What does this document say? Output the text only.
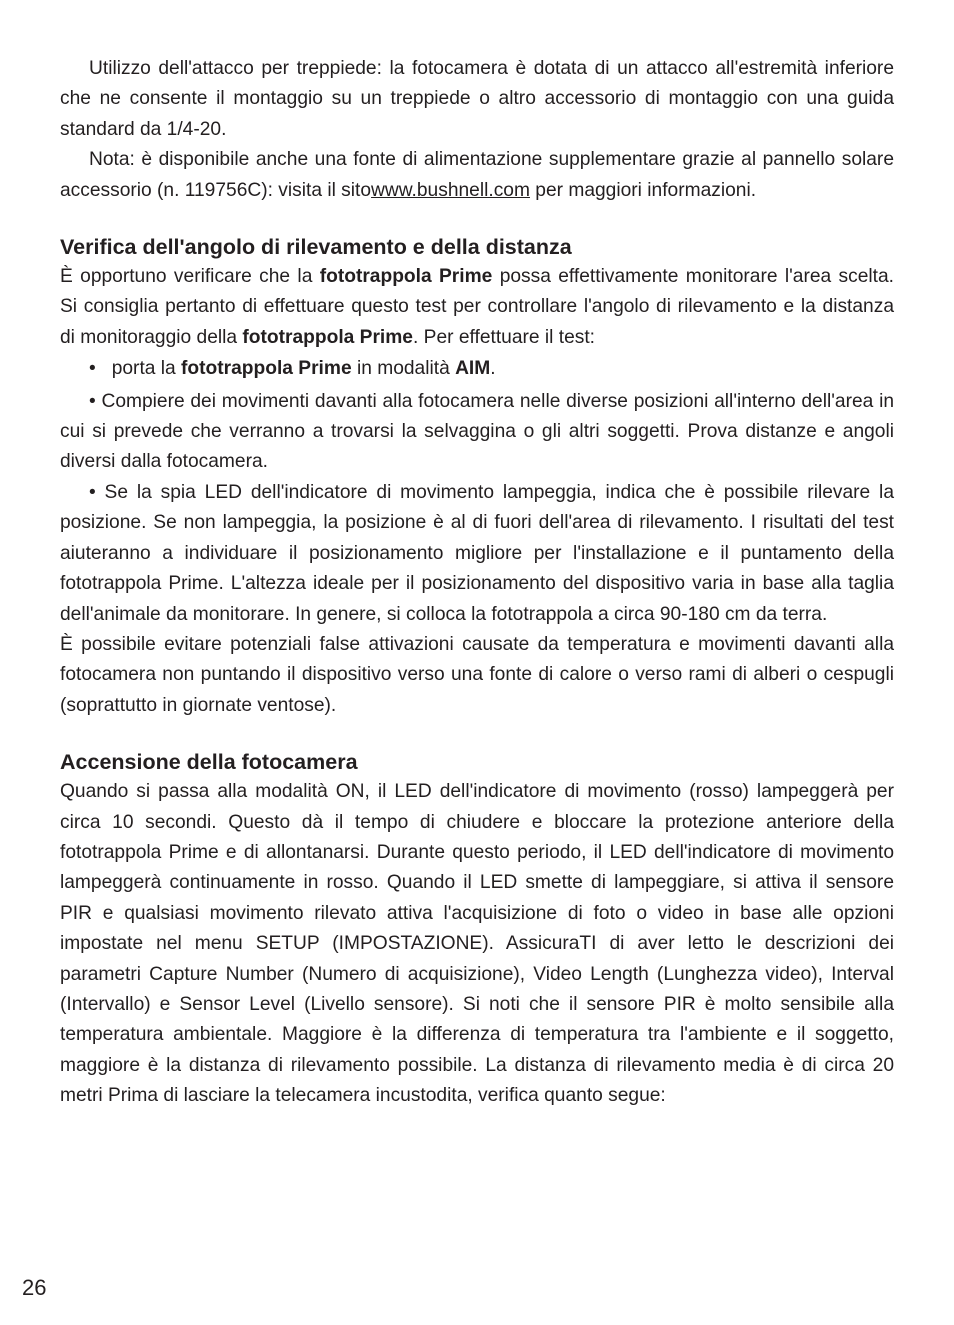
Utilizzo dell'attacco per treppiede: la fotocamera è dotata di un attacco all'estremità inferiore che ne consente il montaggio su un treppiede o altro accessorio di montaggio con una guida standard da 1/4-20.

Nota: è disponibile anche una fonte di alimentazione supplementare grazie al pannello solare accessorio (n. 119756C): visita il sitowww.bushnell.com per maggiori informazioni.

Verifica dell'angolo di rilevamento e della distanza

È opportuno verificare che la fototrappola Prime possa effettivamente monitorare l'area scelta. Si consiglia pertanto di effettuare questo test per controllare l'angolo di rilevamento e la distanza di monitoraggio della fototrappola Prime. Per effettuare il test:

•   porta la fototrappola Prime in modalità AIM.

• Compiere dei movimenti davanti alla fotocamera nelle diverse posizioni all'interno dell'area in cui si prevede che verranno a trovarsi la selvaggina o gli altri soggetti. Prova distanze e angoli diversi dalla fotocamera.

• Se la spia LED dell'indicatore di movimento lampeggia, indica che è possibile rilevare la posizione. Se non lampeggia, la posizione è al di fuori dell'area di rilevamento. I risultati del test aiuteranno a individuare il posizionamento migliore per l'installazione e il puntamento della fototrappola Prime. L'altezza ideale per il posizionamento del dispositivo varia in base alla taglia dell'animale da monitorare. In genere, si colloca la fototrappola a circa 90-180 cm da terra.

È possibile evitare potenziali false attivazioni causate da temperatura e movimenti davanti alla fotocamera non puntando il dispositivo verso una fonte di calore o verso rami di alberi o cespugli (soprattutto in giornate ventose).

Accensione della fotocamera

Quando si passa alla modalità ON, il LED dell'indicatore di movimento (rosso) lampeggerà per circa 10 secondi. Questo dà il tempo di chiudere e bloccare la protezione anteriore della fototrappola Prime e di allontanarsi. Durante questo periodo, il LED dell'indicatore di movimento lampeggerà continuamente in rosso. Quando il LED smette di lampeggiare, si attiva il sensore PIR e qualsiasi movimento rilevato attiva l'acquisizione di foto o video in base alle opzioni impostate nel menu SETUP (IMPOSTAZIONE). AssicuraTI di aver letto le descrizioni dei parametri Capture Number (Numero di acquisizione), Video Length (Lunghezza video), Interval (Intervallo) e Sensor Level (Livello sensore). Si noti che il sensore PIR è molto sensibile alla temperatura ambientale. Maggiore è la differenza di temperatura tra l'ambiente e il soggetto, maggiore è la distanza di rilevamento possibile. La distanza di rilevamento media è di circa 20 metri Prima di lasciare la telecamera incustodita, verifica quanto segue:

26
